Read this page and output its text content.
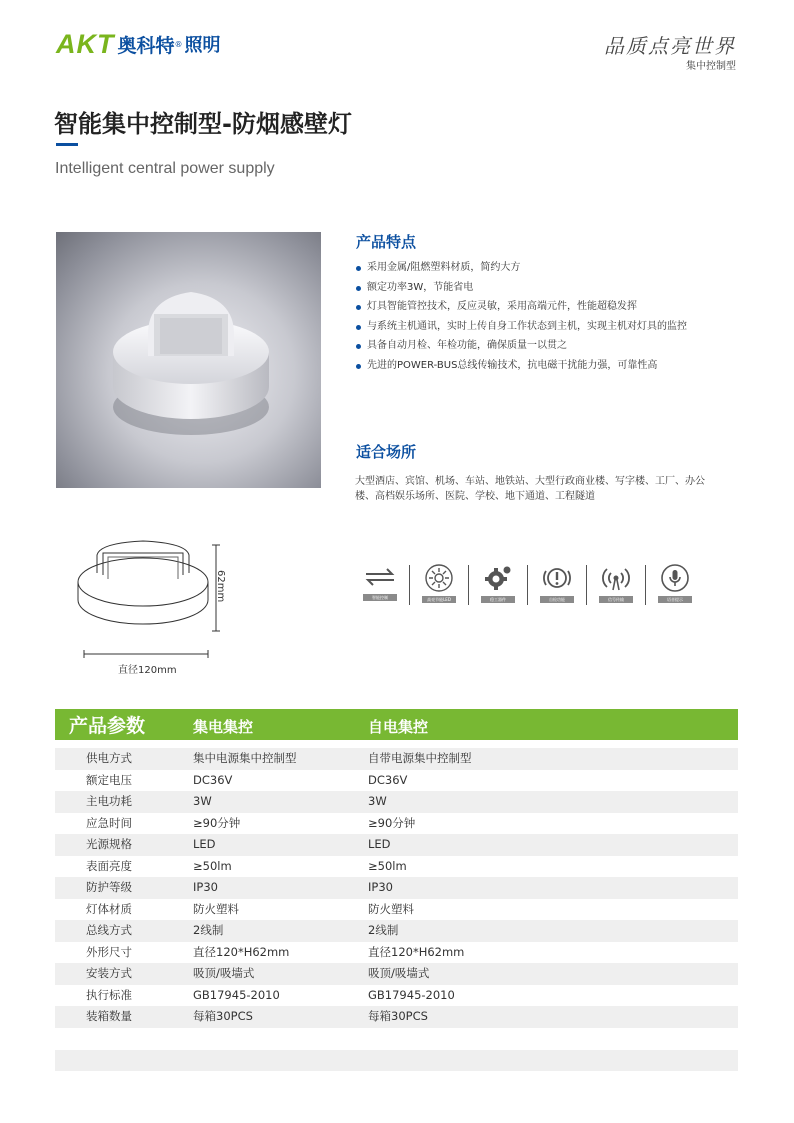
AKT 奥科特 ® 照明	品质点亮世界
集中控制型
智能集中控制型-防烟感壁灯
Intelligent central power supply
产品特点
采用金属/阻燃塑料材质，简约大方
额定功率3W，节能省电
灯具智能管控技术，反应灵敏，采用高端元件，性能超稳发挥
与系统主机通讯，实时上传自身工作状态到主机，实现主机对灯具的监控
具备自动月检、年检功能，确保质量一以贯之
先进的POWER-BUS总线传输技术，抗电磁干扰能力强，可靠性高
适合场所
大型酒店、宾馆、机场、车站、地铁站、大型行政商业楼、写字楼、工厂、办公楼、高档娱乐场所、医院、学校、地下通道、工程隧道
62mm
直径120mm
智能控制	高亮节能LED	稳工器件	自检功能	信号传输	语音提示
产品参数	集电集控	自电集控
供电方式	集中电源集中控制型	自带电源集中控制型
额定电压	DC36V	DC36V
主电功耗	3W	3W
应急时间	≥90分钟	≥90分钟
光源规格	LED	LED
表面亮度	≥50lm	≥50lm
防护等级	IP30	IP30
灯体材质	防火塑料	防火塑料
总线方式	2线制	2线制
外形尺寸	直径120*H62mm	直径120*H62mm
安装方式	吸顶/吸墙式	吸顶/吸墙式
执行标准	GB17945-2010	GB17945-2010
装箱数量	每箱30PCS	每箱30PCS
